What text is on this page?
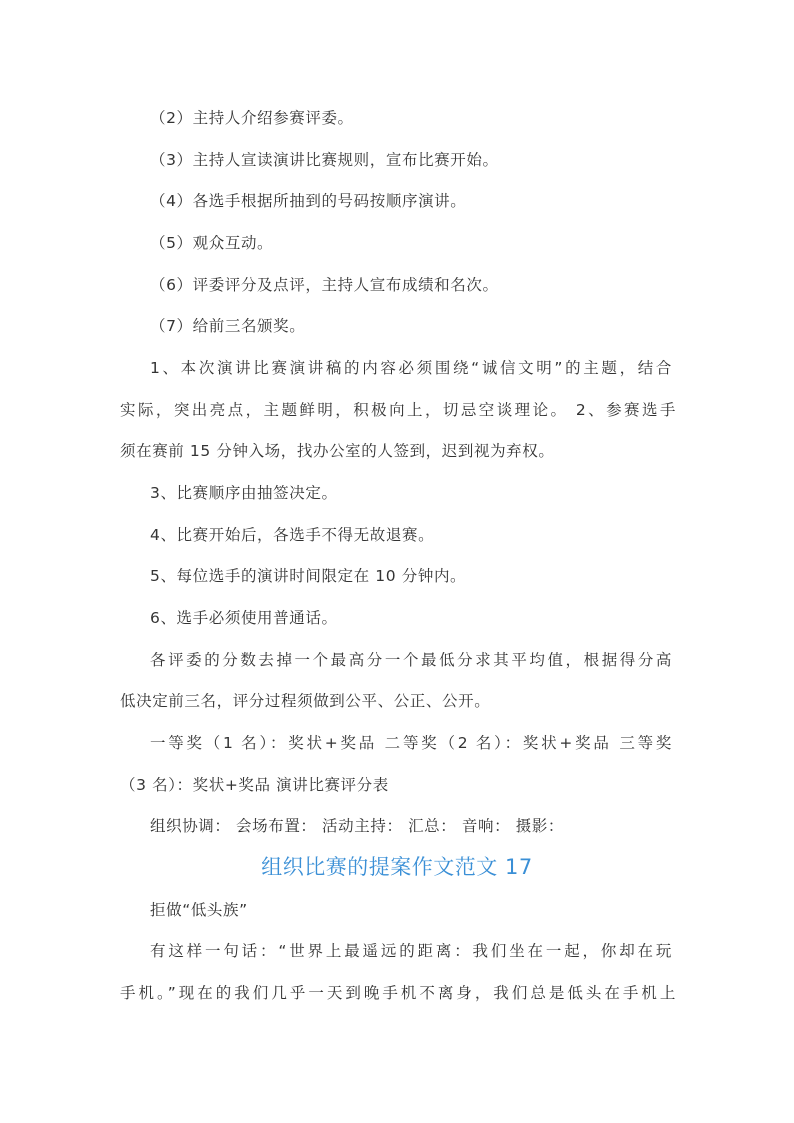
（2）主持人介绍参赛评委。
（3）主持人宣读演讲比赛规则，宣布比赛开始。
（4）各选手根据所抽到的号码按顺序演讲。
（5）观众互动。
（6）评委评分及点评，主持人宣布成绩和名次。
（7）给前三名颁奖。
1、本次演讲比赛演讲稿的内容必须围绕“诚信文明”的主题，结合
实际，突出亮点，主题鲜明，积极向上，切忌空谈理论。 2、参赛选手
须在赛前 15 分钟入场，找办公室的人签到，迟到视为弃权。
3、比赛顺序由抽签决定。
4、比赛开始后，各选手不得无故退赛。
5、每位选手的演讲时间限定在 10 分钟内。
6、选手必须使用普通话。
各评委的分数去掉一个最高分一个最低分求其平均值，根据得分高
低决定前三名，评分过程须做到公平、公正、公开。
一等奖（1 名）：奖状+奖品 二等奖（2 名）：奖状+奖品 三等奖
（3 名）：奖状+奖品 演讲比赛评分表
组织协调： 会场布置： 活动主持： 汇总： 音响： 摄影：
组织比赛的提案作文范文 17
拒做“低头族”
有这样一句话：“世界上最遥远的距离：我们坐在一起，你却在玩
手机。”现在的我们几乎一天到晚手机不离身，我们总是低头在手机上
